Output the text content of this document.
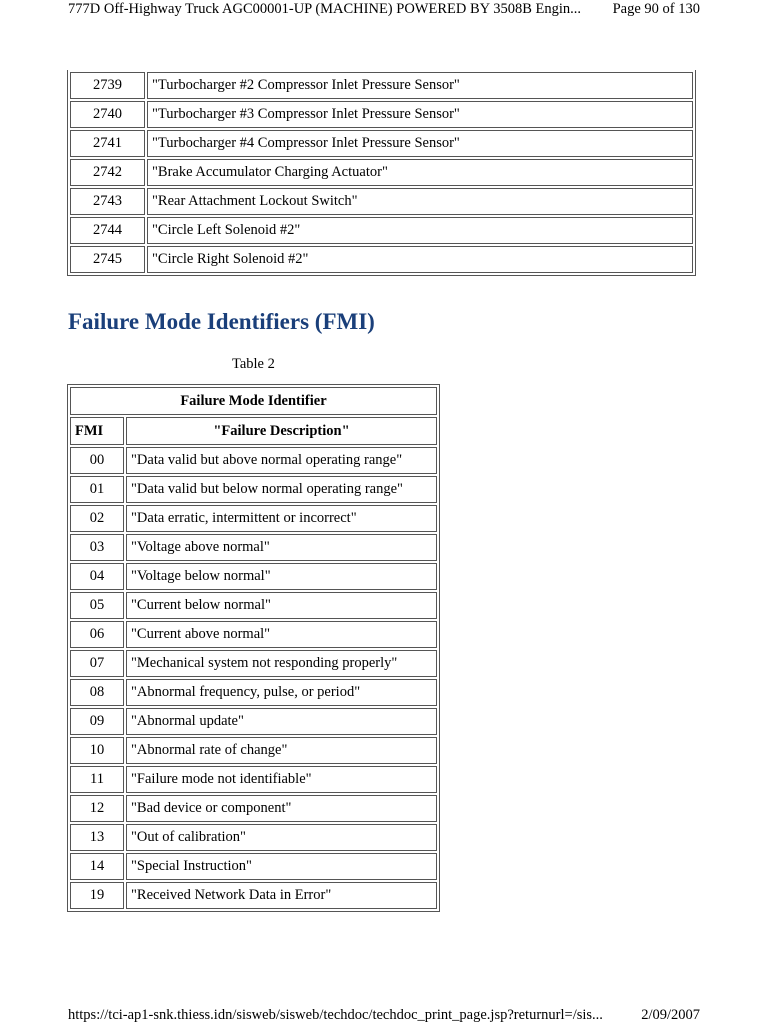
777D Off-Highway Truck AGC00001-UP (MACHINE) POWERED BY 3508B Engin... Page 90 of 130
2739	"Turbocharger #2 Compressor Inlet Pressure Sensor"
2740	"Turbocharger #3 Compressor Inlet Pressure Sensor"
2741	"Turbocharger #4 Compressor Inlet Pressure Sensor"
2742	"Brake Accumulator Charging Actuator"
2743	"Rear Attachment Lockout Switch"
2744	"Circle Left Solenoid #2"
2745	"Circle Right Solenoid #2"
Failure Mode Identifiers (FMI)
Table 2
Failure Mode Identifier	
FMI	"Failure Description"
00	"Data valid but above normal operating range"
01	"Data valid but below normal operating range"
02	"Data erratic, intermittent or incorrect"
03	"Voltage above normal"
04	"Voltage below normal"
05	"Current below normal"
06	"Current above normal"
07	"Mechanical system not responding properly"
08	"Abnormal frequency, pulse, or period"
09	"Abnormal update"
10	"Abnormal rate of change"
11	"Failure mode not identifiable"
12	"Bad device or component"
13	"Out of calibration"
14	"Special Instruction"
19	"Received Network Data in Error"
https://tci-ap1-snk.thiess.idn/sisweb/sisweb/techdoc/techdoc_print_page.jsp?returnurl=/sis...	2/09/2007
